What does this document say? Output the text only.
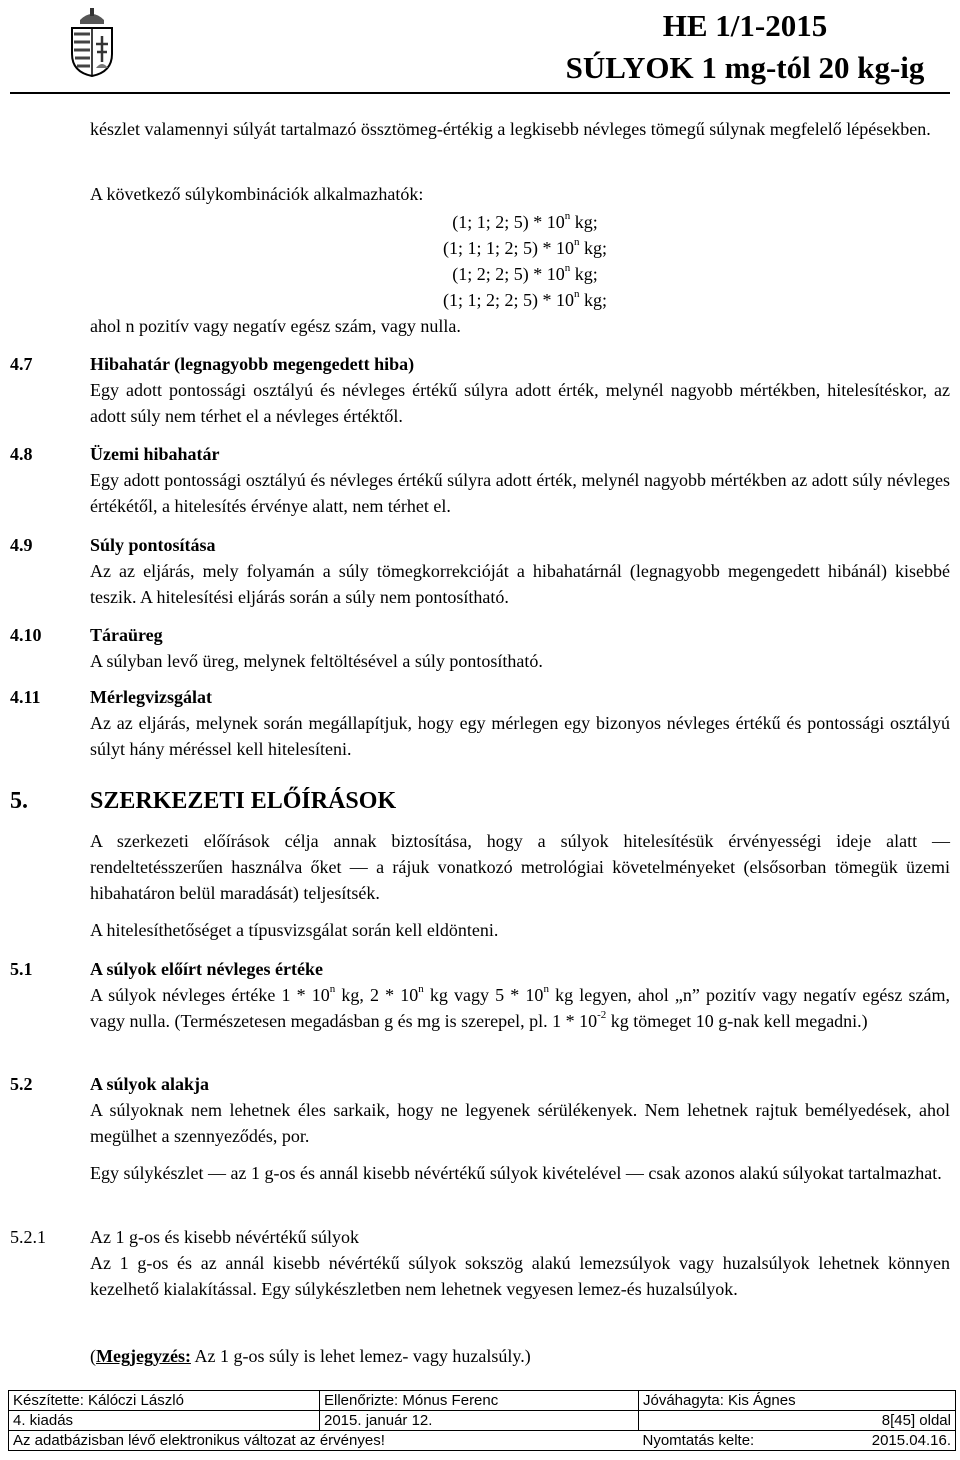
HE 1/1-2015
SÚLYOK 1 mg-tól 20 kg-ig
készlet valamennyi súlyát tartalmazó össztömeg-értékig a legkisebb névleges tömegű súlynak megfelelő lépésekben.
A következő súlykombinációk alkalmazhatók:
(1; 1; 2; 5) * 10$^n$ kg;
(1; 1; 1; 2; 5) * 10$^n$ kg;
(1; 2; 2; 5) * 10$^n$ kg;
(1; 1; 2; 2; 5) * 10$^n$ kg;
ahol n pozitív vagy negatív egész szám, vagy nulla.
4.7	Hibahatár (legnagyobb megengedett hiba)
Egy adott pontossági osztályú és névleges értékű súlyra adott érték, melynél nagyobb mértékben, hitelesítéskor, az adott súly nem térhet el a névleges értéktől.
4.8	Üzemi hibahatár
Egy adott pontossági osztályú és névleges értékű súlyra adott érték, melynél nagyobb mértékben az adott súly névleges értékétől, a hitelesítés érvénye alatt, nem térhet el.
4.9	Súly pontosítása
Az az eljárás, mely folyamán a súly tömegkorrekcióját a hibahatárnál (legnagyobb megengedett hibánál) kisebbé teszik. A hitelesítési eljárás során a súly nem pontosítható.
4.10	Táraüreg
A súlyban levő üreg, melynek feltöltésével a súly pontosítható.
4.11	Mérlegvizsgálat
Az az eljárás, melynek során megállapítjuk, hogy egy mérlegen egy bizonyos névleges értékű és pontossági osztályú súlyt hány méréssel kell hitelesíteni.
5.	SZERKEZETI ELŐÍRÁSOK
A szerkezeti előírások célja annak biztosítása, hogy a súlyok hitelesítésük érvényességi ideje alatt — rendeltetésszerűen használva őket — a rájuk vonatkozó metrológiai követelményeket (elsősorban tömegük üzemi hibahatáron belül maradását) teljesítsék.
A hitelesíthetőséget a típusvizsgálat során kell eldönteni.
5.1	A súlyok előírt névleges értéke
A súlyok névleges értéke 1 * 10$^n$ kg, 2 * 10$^n$ kg vagy 5 * 10$^n$ kg legyen, ahol „n” pozitív vagy negatív egész szám, vagy nulla. (Természetesen megadásban g és mg is szerepel, pl. $1 * 10^{-2}$ kg tömeget 10 g-nak kell megadni.)
5.2	A súlyok alakja
A súlyoknak nem lehetnek éles sarkaik, hogy ne legyenek sérülékenyek. Nem lehetnek rajtuk bemélyedések, ahol megülhet a szennyeződés, por.
Egy súlykészlet — az 1 g-os és annál kisebb névértékű súlyok kivételével — csak azonos alakú súlyokat tartalmazhat.
5.2.1 Az 1 g-os és kisebb névértékű súlyok
Az 1 g-os és az annál kisebb névértékű súlyok sokszög alakú lemezsúlyok vagy huzalsúlyok lehetnek könnyen kezelhető kialakítással. Egy súlykészletben nem lehetnek vegyesen lemez-és huzalsúlyok.
(Megjegyzés: Az 1 g-os súly is lehet lemez- vagy huzalsúly.)
Készítette: Kálóczi László	Ellenőrizte: Mónus Ferenc	Jóváhagyta: Kis Ágnes
4. kiadás	2015. január 12.	8[45] oldal
Az adatbázisban lévő elektronikus változat az érvényes!		Nyomtatás kelte: 2015.04.16.
